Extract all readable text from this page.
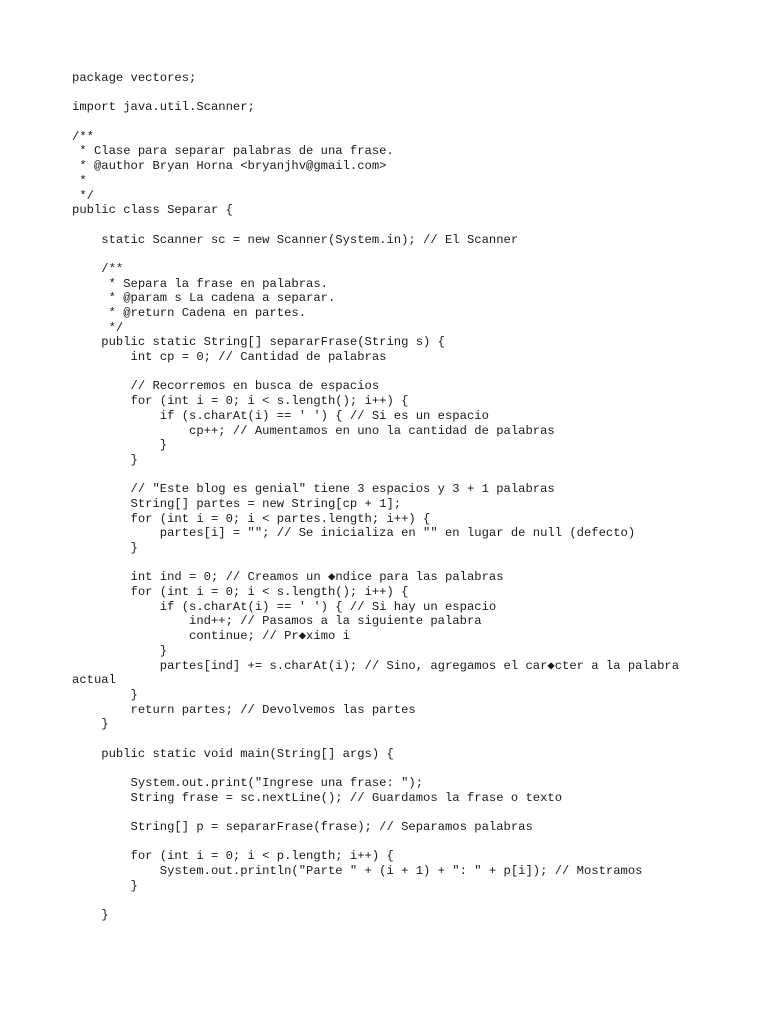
package vectores;

import java.util.Scanner;

/**
* Clase para separar palabras de una frase.
* @author Bryan Horna <bryanjhv@gmail.com>
*
*/
public class Separar {

static Scanner sc = new Scanner(System.in); // El Scanner

/**
* Separa la frase en palabras.
* @param s La cadena a separar.
* @return Cadena en partes.
*/
public static String[] separarFrase(String s) {
int cp = 0; // Cantidad de palabras

// Recorremos en busca de espacios
for (int i = 0; i < s.length(); i++) {
if (s.charAt(i) == ' ') { // Si es un espacio
cp++; // Aumentamos en uno la cantidad de palabras
}
}

// "Este blog es genial" tiene 3 espacios y 3 + 1 palabras
String[] partes = new String[cp + 1];
for (int i = 0; i < partes.length; i++) {
partes[i] = ""; // Se inicializa en "" en lugar de null (defecto)
}

int ind = 0; // Creamos un ◆ndice para las palabras
for (int i = 0; i < s.length(); i++) {
if (s.charAt(i) == ' ') { // Si hay un espacio
ind++; // Pasamos a la siguiente palabra
continue; // Pr◆ximo i
}
partes[ind] += s.charAt(i); // Sino, agregamos el car◆cter a la palabra
actual
}
return partes; // Devolvemos las partes
}

public static void main(String[] args) {

System.out.print("Ingrese una frase: ");
String frase = sc.nextLine(); // Guardamos la frase o texto

String[] p = separarFrase(frase); // Separamos palabras

for (int i = 0; i < p.length; i++) {
System.out.println("Parte " + (i + 1) + ": " + p[i]); // Mostramos
}

}
